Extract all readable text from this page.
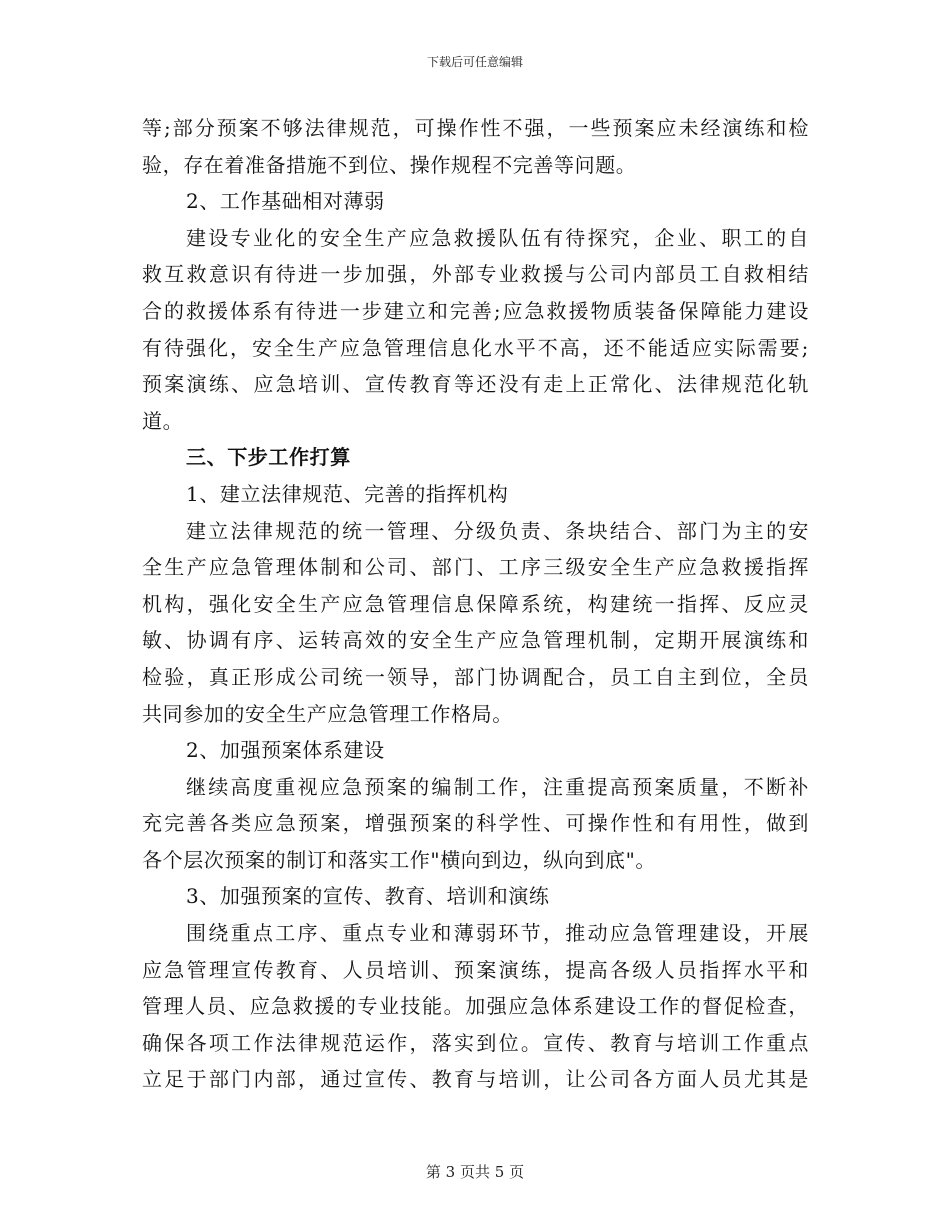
下载后可任意编辑
等;部分预案不够法律规范，可操作性不强，一些预案应未经演练和检
验，存在着准备措施不到位、操作规程不完善等问题。
2、工作基础相对薄弱
建设专业化的安全生产应急救援队伍有待探究，企业、职工的自
救互救意识有待进一步加强，外部专业救援与公司内部员工自救相结
合的救援体系有待进一步建立和完善;应急救援物质装备保障能力建设
有待强化，安全生产应急管理信息化水平不高，还不能适应实际需要;
预案演练、应急培训、宣传教育等还没有走上正常化、法律规范化轨
道。
三、下步工作打算
1、建立法律规范、完善的指挥机构
建立法律规范的统一管理、分级负责、条块结合、部门为主的安
全生产应急管理体制和公司、部门、工序三级安全生产应急救援指挥
机构，强化安全生产应急管理信息保障系统，构建统一指挥、反应灵
敏、协调有序、运转高效的安全生产应急管理机制，定期开展演练和
检验，真正形成公司统一领导，部门协调配合，员工自主到位，全员
共同参加的安全生产应急管理工作格局。
2、加强预案体系建设
继续高度重视应急预案的编制工作，注重提高预案质量，不断补
充完善各类应急预案，增强预案的科学性、可操作性和有用性，做到
各个层次预案的制订和落实工作"横向到边，纵向到底"。
3、加强预案的宣传、教育、培训和演练
围绕重点工序、重点专业和薄弱环节，推动应急管理建设，开展
应急管理宣传教育、人员培训、预案演练，提高各级人员指挥水平和
管理人员、应急救援的专业技能。加强应急体系建设工作的督促检查，
确保各项工作法律规范运作，落实到位。宣传、教育与培训工作重点
立足于部门内部，通过宣传、教育与培训，让公司各方面人员尤其是
第 3 页共 5 页
